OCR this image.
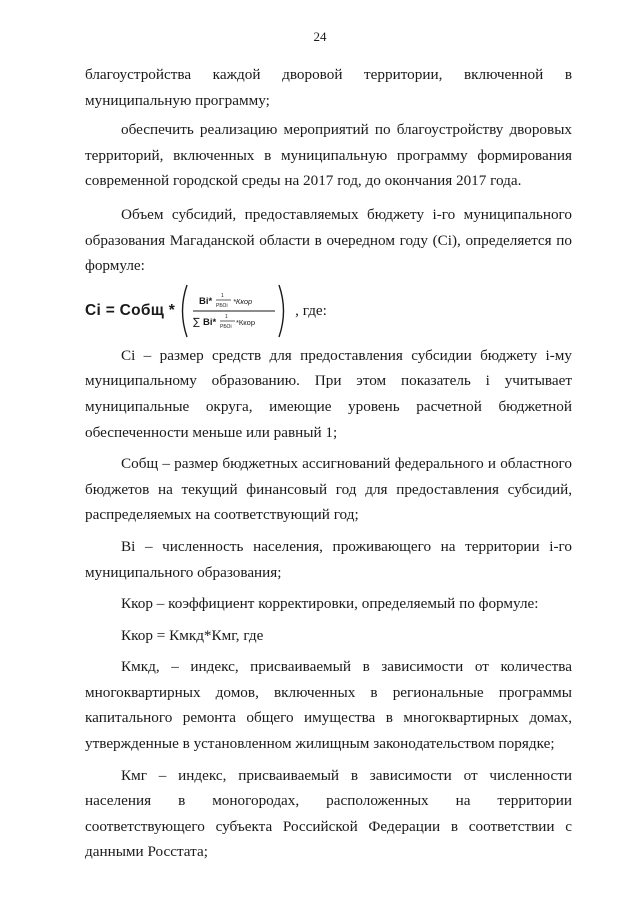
24

благоустройства каждой дворовой территории, включенной в муниципальную программу;

обеспечить реализацию мероприятий по благоустройству дворовых территорий, включенных в муниципальную программу формирования современной городской среды на 2017 год, до окончания 2017 года.

Объем субсидий, предоставляемых бюджету i-го муниципального образования Магаданской области в очередном году (Ci), определяется по формуле:

Ci = Собщ *
Bi* 1
РБОi *Ккор
∑ Bi* 1
РБОi *Ккор
, где:

Ci – размер средств для предоставления субсидии бюджету i-му муниципальному образованию. При этом показатель i учитывает муниципальные округа, имеющие уровень расчетной бюджетной обеспеченности меньше или равный 1;

Собщ – размер бюджетных ассигнований федерального и областного бюджетов на текущий финансовый год для предоставления субсидий, распределяемых на соответствующий год;

Bi – численность населения, проживающего на территории i-го муниципального образования;

Ккор – коэффициент корректировки, определяемый по формуле:

Ккор = Кмкд*Кмг, где

Кмкд, – индекс, присваиваемый в зависимости от количества многоквартирных домов, включенных в региональные программы капитального ремонта общего имущества в многоквартирных домах, утвержденные в установленном жилищным законодательством порядке;

Кмг – индекс, присваиваемый в зависимости от численности населения в моногородах, расположенных на территории соответствующего субъекта Российской Федерации в соответствии с данными Росстата;
